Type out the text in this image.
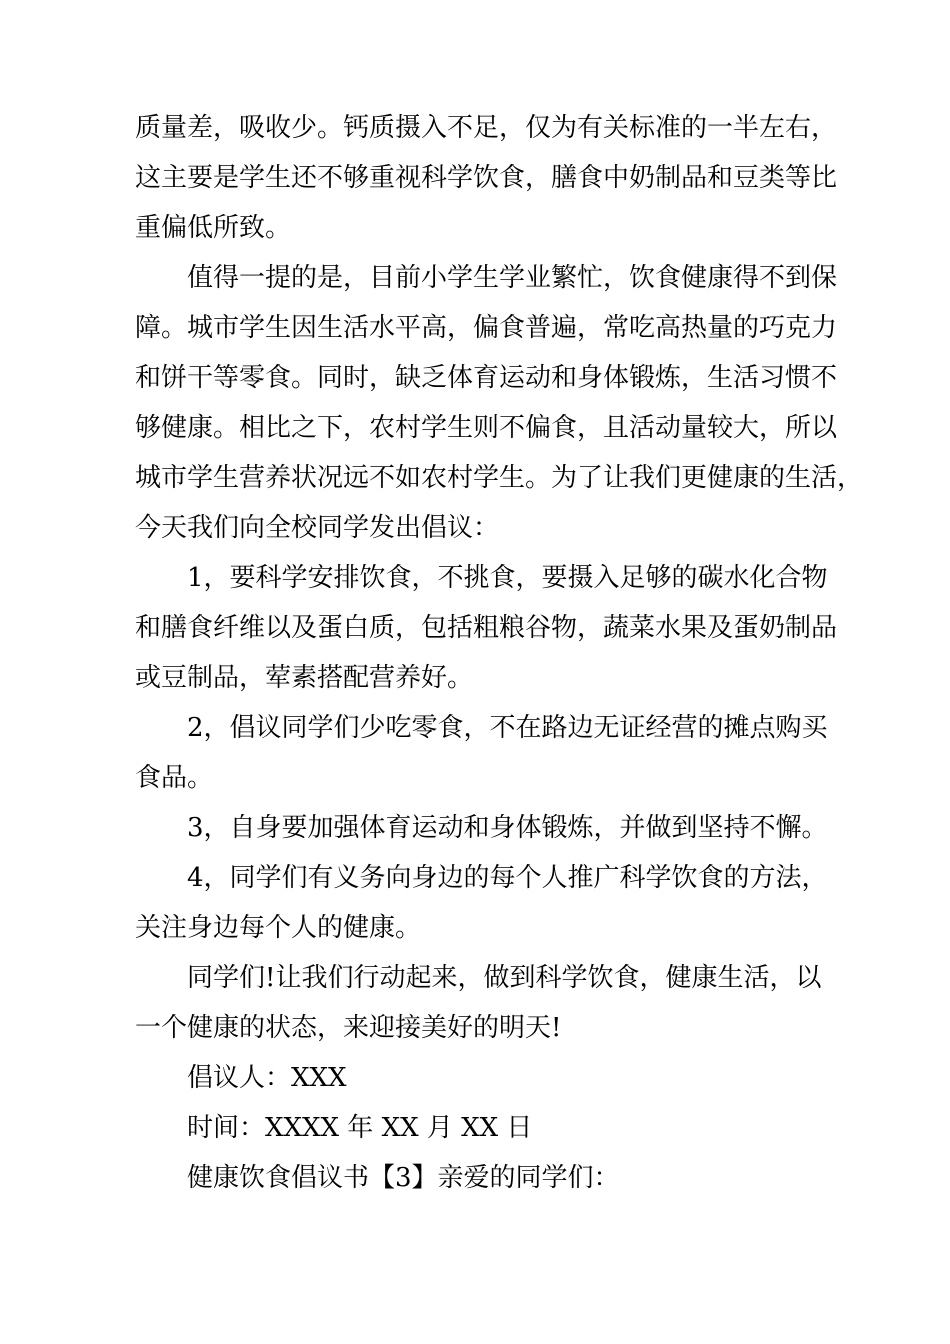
质量差，吸收少。钙质摄入不足，仅为有关标准的一半左右，
这主要是学生还不够重视科学饮食，膳食中奶制品和豆类等比
重偏低所致。

值得一提的是，目前小学生学业繁忙，饮食健康得不到保
障。城市学生因生活水平高，偏食普遍，常吃高热量的巧克力
和饼干等零食。同时，缺乏体育运动和身体锻炼，生活习惯不
够健康。相比之下，农村学生则不偏食，且活动量较大，所以
城市学生营养状况远不如农村学生。为了让我们更健康的生活，
今天我们向全校同学发出倡议：

1，要科学安排饮食，不挑食，要摄入足够的碳水化合物
和膳食纤维以及蛋白质，包括粗粮谷物，蔬菜水果及蛋奶制品
或豆制品，荤素搭配营养好。

2，倡议同学们少吃零食，不在路边无证经营的摊点购买
食品。

3，自身要加强体育运动和身体锻炼，并做到坚持不懈。

4，同学们有义务向身边的每个人推广科学饮食的方法，
关注身边每个人的健康。

同学们!让我们行动起来，做到科学饮食，健康生活，以
一个健康的状态，来迎接美好的明天!

倡议人：XXX

时间：XXXX 年 XX 月 XX 日

健康饮食倡议书【3】亲爱的同学们：
